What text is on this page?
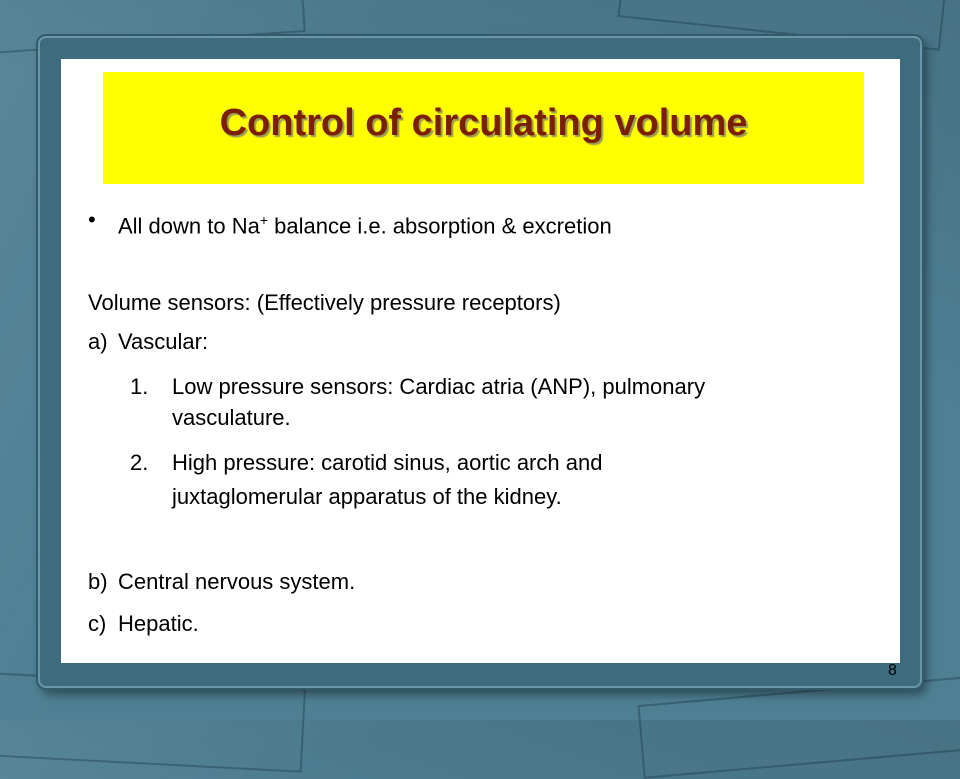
Control of circulating volume
• All down to Na+ balance i.e. absorption & excretion
Volume sensors: (Effectively pressure receptors)
a) Vascular:
1. Low pressure sensors: Cardiac atria (ANP), pulmonary
vasculature.
2. High pressure: carotid sinus, aortic arch and
juxtaglomerular apparatus of the kidney.
b) Central nervous system.
c) Hepatic.
8
